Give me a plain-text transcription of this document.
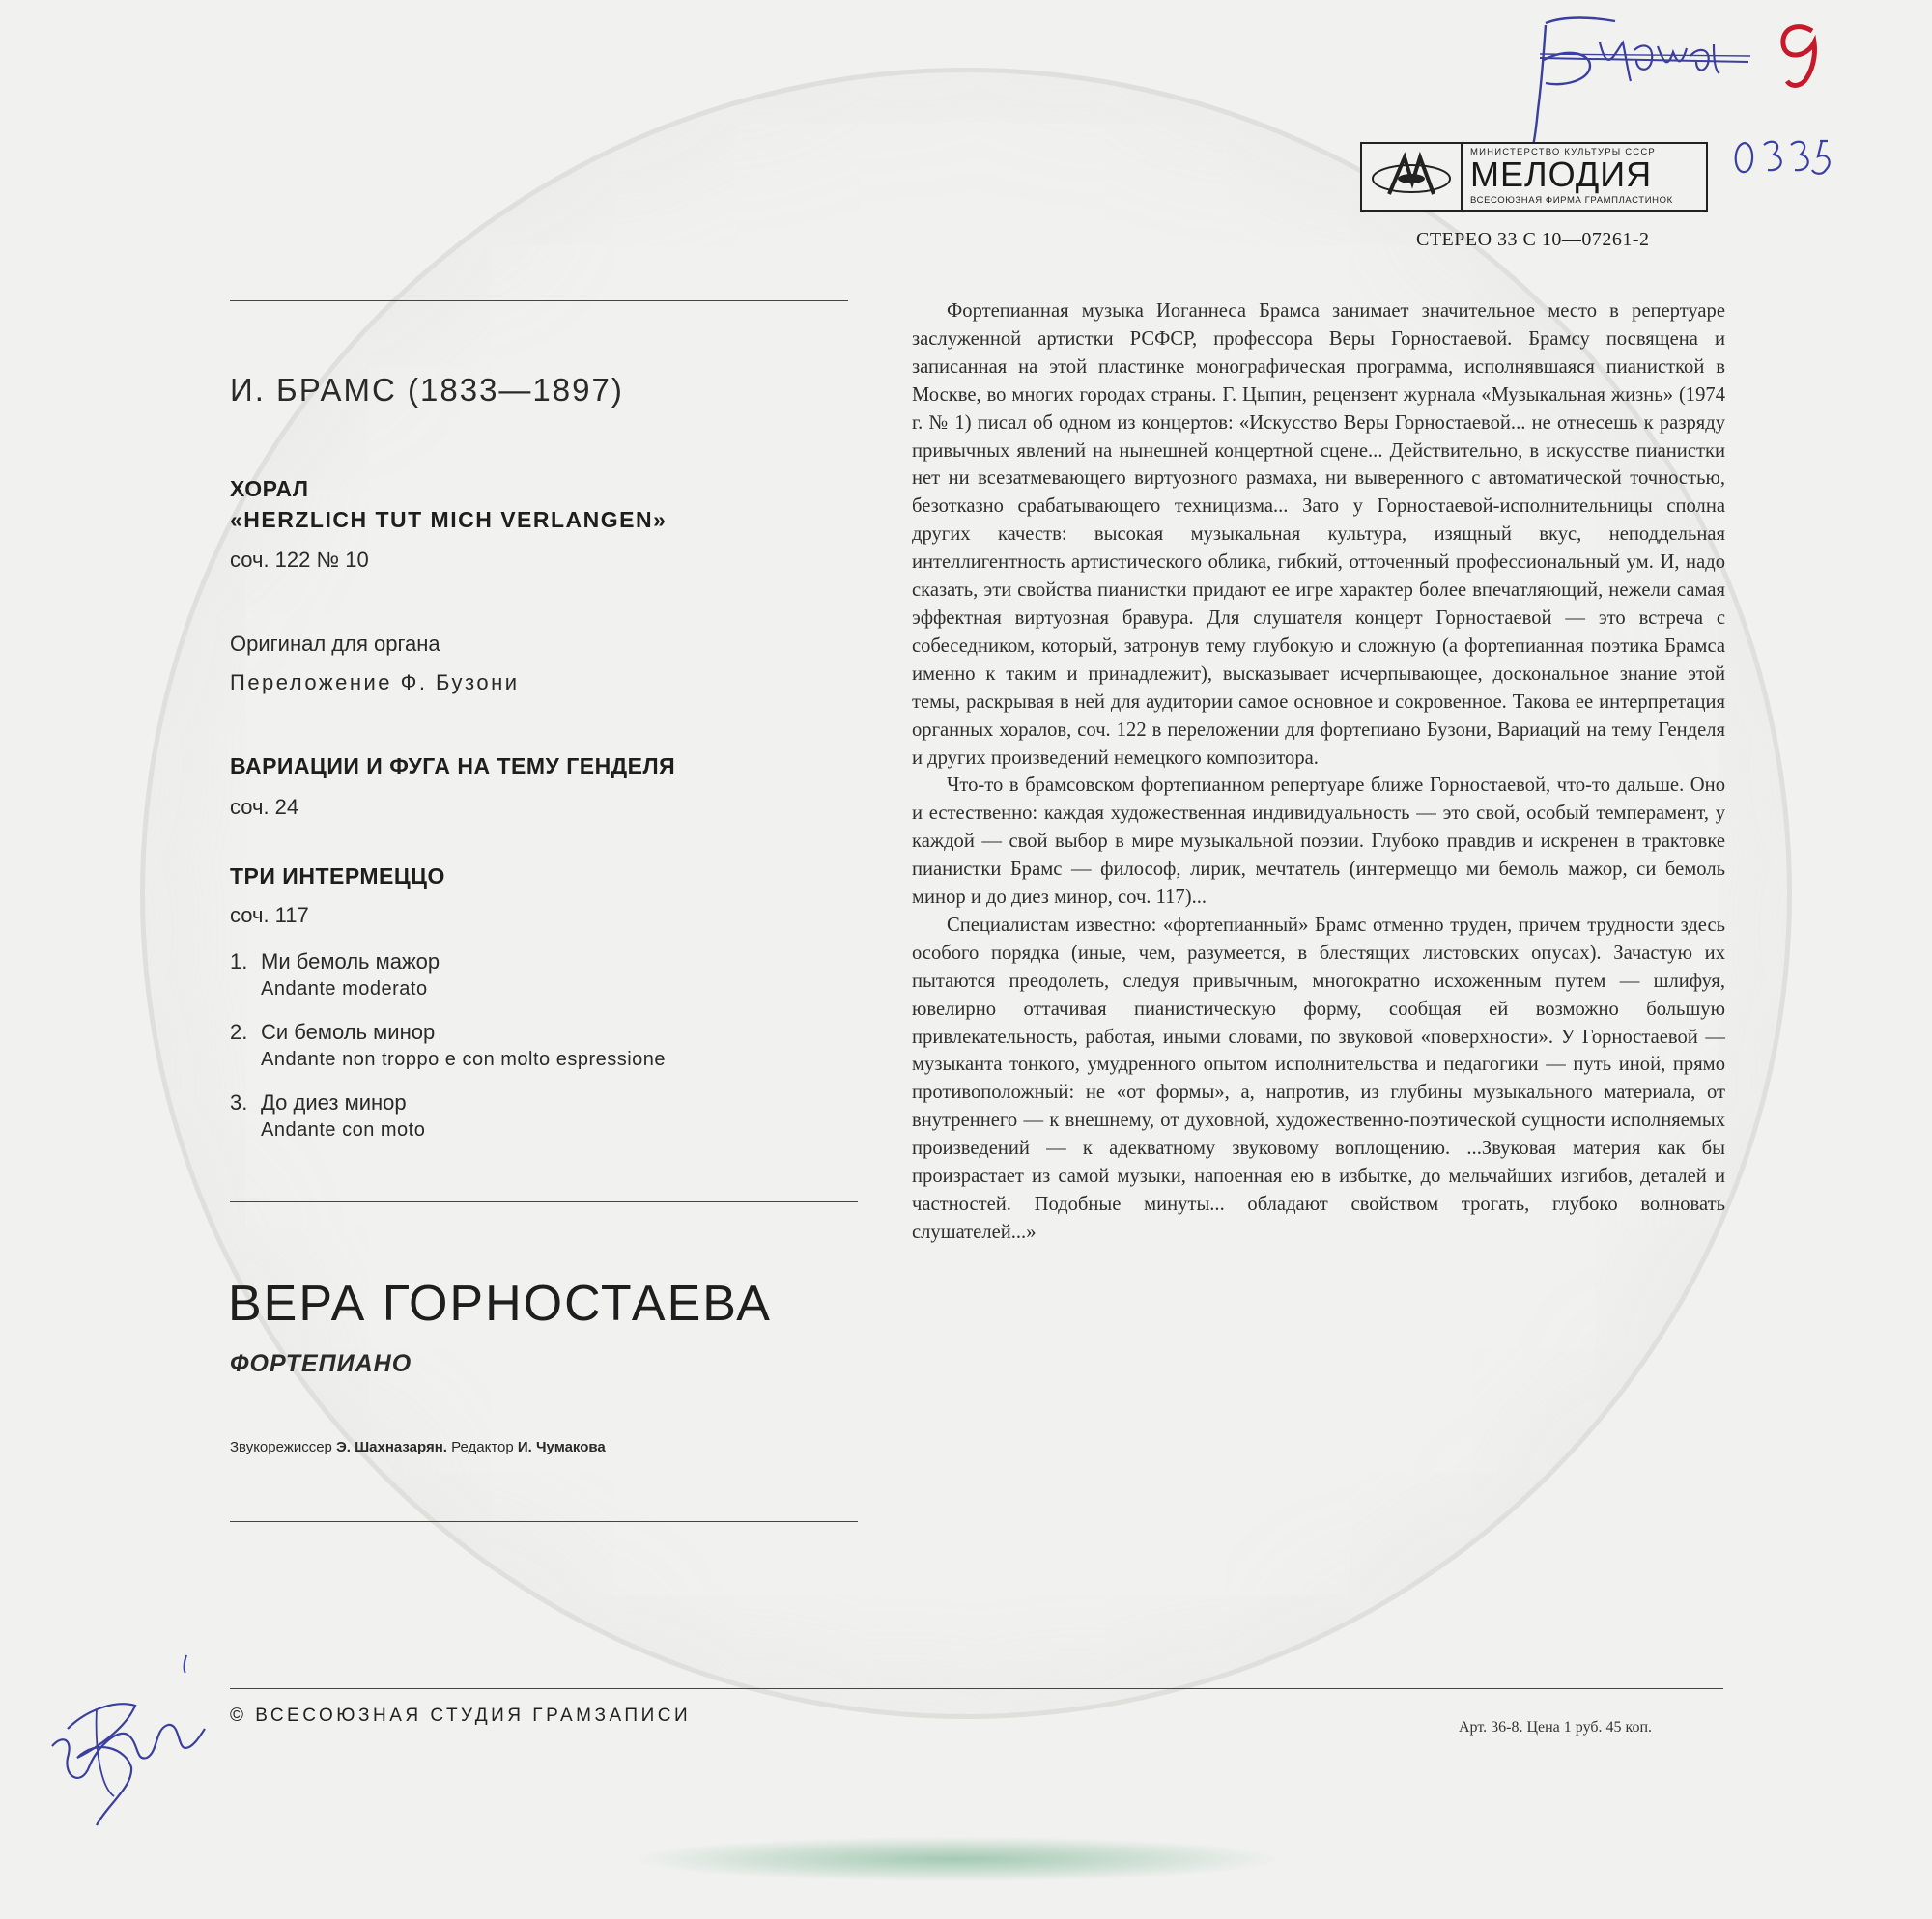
МИНИСТЕРСТВО КУЛЬТУРЫ СССР
МЕЛОДИЯ
ВСЕСОЮЗНАЯ ФИРМА ГРАМПЛАСТИНОК
СТЕРЕО 33 С 10—07261-2
И. БРАМС (1833—1897)
ХОРАЛ
«HERZLICH TUT MICH VERLANGEN»
соч. 122 № 10
Оригинал для органа
Переложение Ф. Бузони
ВАРИАЦИИ И ФУГА НА ТЕМУ ГЕНДЕЛЯ
соч. 24
ТРИ ИНТЕРМЕЦЦО
соч. 117
1. Ми бемоль мажор
Andante moderato
2. Си бемоль минор
Andante non troppo e con molto espressione
3. До диез минор
Andante con moto
ВЕРА ГОРНОСТАЕВА
ФОРТЕПИАНО
Звукорежиссер Э. Шахназарян. Редактор И. Чумакова

Фортепианная музыка Иоганнеса Брамса занимает значительное место в репертуаре заслуженной артистки РСФСР, профессора Веры Горностаевой. Брамсу посвящена и записанная на этой пластинке монографическая программа, исполнявшаяся пианисткой в Москве, во многих городах страны. Г. Цыпин, рецензент журнала «Музыкальная жизнь» (1974 г. № 1) писал об одном из концертов: «Искусство Веры Горностаевой... не отнесешь к разряду привычных явлений на нынешней концертной сцене... Действительно, в искусстве пианистки нет ни всезатмевающего виртуозного размаха, ни выверенного с автоматической точностью, безотказно срабатывающего техницизма... Зато у Горностаевой-исполнительницы сполна других качеств: высокая музыкальная культура, изящный вкус, неподдельная интеллигентность артистического облика, гибкий, отточенный профессиональный ум. И, надо сказать, эти свойства пианистки придают ее игре характер более впечатляющий, нежели самая эффектная виртуозная бравура. Для слушателя концерт Горностаевой — это встреча с собеседником, который, затронув тему глубокую и сложную (а фортепианная поэтика Брамса именно к таким и принадлежит), высказывает исчерпывающее, доскональное знание этой темы, раскрывая в ней для аудитории самое основное и сокровенное. Такова ее интерпретация органных хоралов, соч. 122 в переложении для фортепиано Бузони, Вариаций на тему Генделя и других произведений немецкого композитора.

Что-то в брамсовском фортепианном репертуаре ближе Горностаевой, что-то дальше. Оно и естественно: каждая художественная индивидуальность — это свой, особый темперамент, у каждой — свой выбор в мире музыкальной поэзии. Глубоко правдив и искренен в трактовке пианистки Брамс — философ, лирик, мечтатель (интермеццо ми бемоль мажор, си бемоль минор и до диез минор, соч. 117)...

Специалистам известно: «фортепианный» Брамс отменно труден, причем трудности здесь особого порядка (иные, чем, разумеется, в блестящих листовских опусах). Зачастую их пытаются преодолеть, следуя привычным, многократно исхоженным путем — шлифуя, ювелирно оттачивая пианистическую форму, сообщая ей возможно большую привлекательность, работая, иными словами, по звуковой «поверхности». У Горностаевой — музыканта тонкого, умудренного опытом исполнительства и педагогики — путь иной, прямо противоположный: не «от формы», а, напротив, из глубины музыкального материала, от внутреннего — к внешнему, от духовной, художественно-поэтической сущности исполняемых произведений — к адекватному звуковому воплощению. ...Звуковая материя как бы произрастает из самой музыки, напоенная ею в избытке, до мельчайших изгибов, деталей и частностей. Подобные минуты... обладают свойством трогать, глубоко волновать слушателей...»

© ВСЕСОЮЗНАЯ СТУДИЯ ГРАМЗАПИСИ
Арт. 36-8. Цена 1 руб. 45 коп.
